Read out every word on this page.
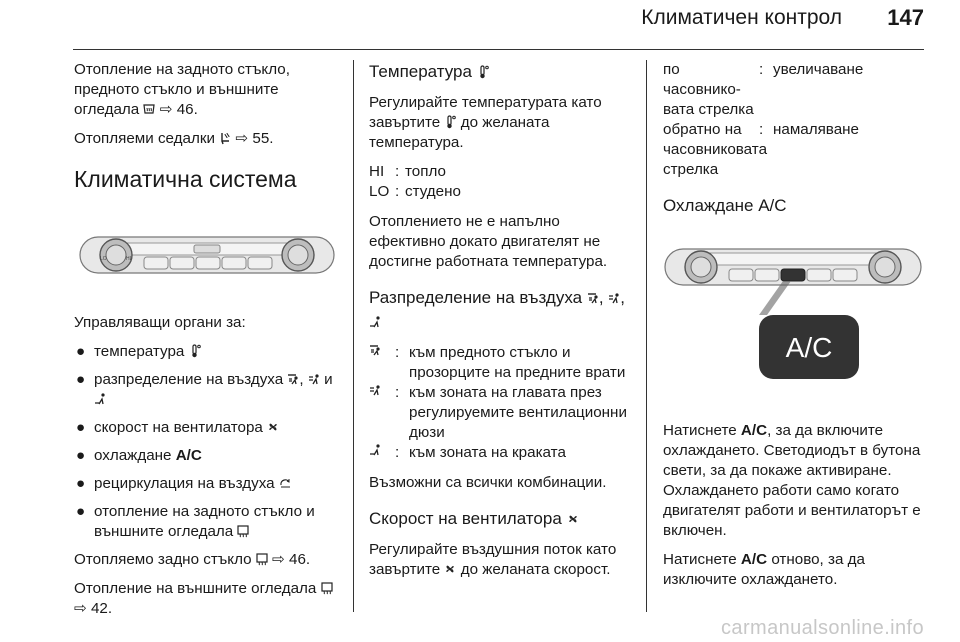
Климатичен контрол 147

Отопление на задното стъкло, предното стъкло и външните огледала ⇨ 46.

Отопляеми седалки ⇨ 55.

Климатична система
LO	HI

Управляващи органи за:

● температура
● разпределение на въздуха ,  и
● скорост на вентилатора
● охлаждане A/C
● рециркулация на въздуха
● отопление на задното стъкло и външните огледала

Отопляемо задно стъкло ⇨ 46.

Отопление на външните огледала  ⇨ 42.

Температура

Регулирайте температурата като завъртите до желаната температура.

HI : топло
LO : студено

Отоплението не е напълно ефективно докато двигателят не достигне работната температура.

Разпределение на въздуха , ,
: към предното стъкло и прозорците на предните врати
: към зоната на главата през регулируемите вентилационни дюзи
: към зоната на краката

Възможни са всички комбинации.

Скорост на вентилатора

Регулирайте въздушния поток като завъртите до желаната скорост.

по часовнико-вата стрелка
: увеличаване
обратно на часовниковата стрелка
: намаляване
Охлаждане A/C
A/C

Натиснете A/C, за да включите охлаждането. Светодиодът в бутона свети, за да покаже активиране. Охлаждането работи само когато двигателят работи и вентилаторът е включен.

Натиснете A/C отново, за да изключите охлаждането.

carmanualsonline.info
